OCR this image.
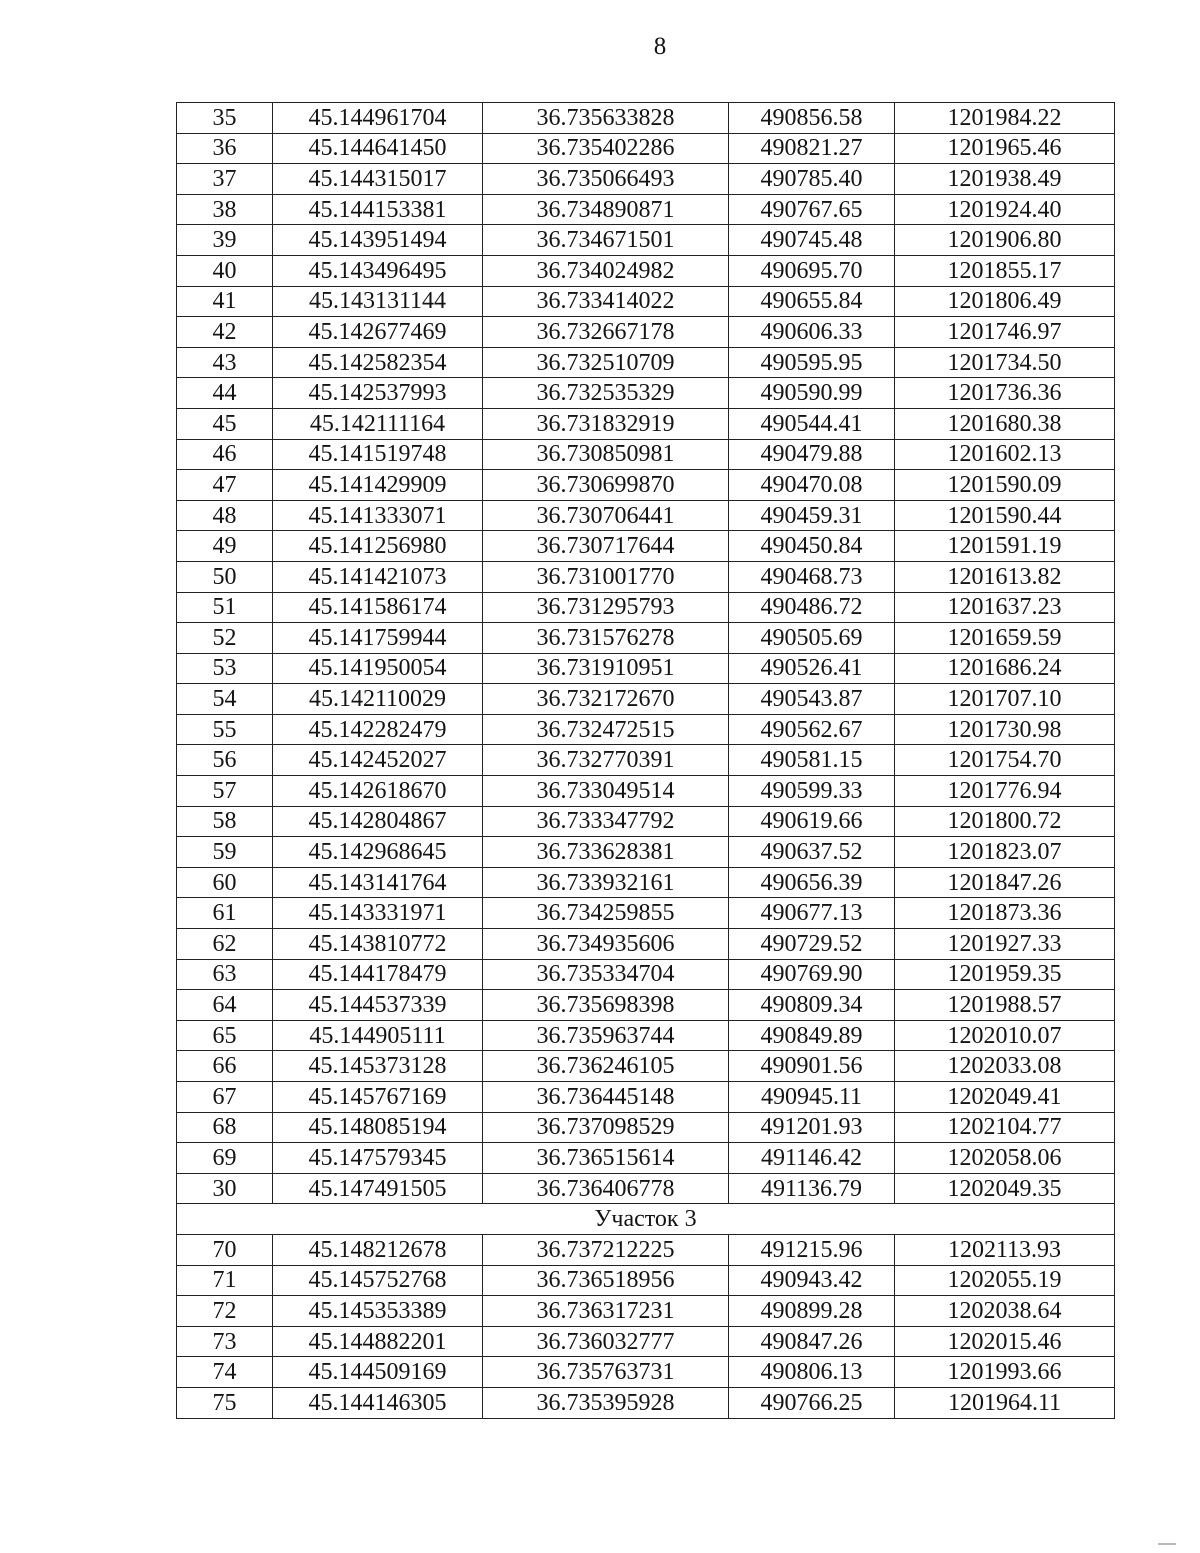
8
35	45.144961704	36.735633828	490856.58	1201984.22
36	45.144641450	36.735402286	490821.27	1201965.46
37	45.144315017	36.735066493	490785.40	1201938.49
38	45.144153381	36.734890871	490767.65	1201924.40
39	45.143951494	36.734671501	490745.48	1201906.80
40	45.143496495	36.734024982	490695.70	1201855.17
41	45.143131144	36.733414022	490655.84	1201806.49
42	45.142677469	36.732667178	490606.33	1201746.97
43	45.142582354	36.732510709	490595.95	1201734.50
44	45.142537993	36.732535329	490590.99	1201736.36
45	45.142111164	36.731832919	490544.41	1201680.38
46	45.141519748	36.730850981	490479.88	1201602.13
47	45.141429909	36.730699870	490470.08	1201590.09
48	45.141333071	36.730706441	490459.31	1201590.44
49	45.141256980	36.730717644	490450.84	1201591.19
50	45.141421073	36.731001770	490468.73	1201613.82
51	45.141586174	36.731295793	490486.72	1201637.23
52	45.141759944	36.731576278	490505.69	1201659.59
53	45.141950054	36.731910951	490526.41	1201686.24
54	45.142110029	36.732172670	490543.87	1201707.10
55	45.142282479	36.732472515	490562.67	1201730.98
56	45.142452027	36.732770391	490581.15	1201754.70
57	45.142618670	36.733049514	490599.33	1201776.94
58	45.142804867	36.733347792	490619.66	1201800.72
59	45.142968645	36.733628381	490637.52	1201823.07
60	45.143141764	36.733932161	490656.39	1201847.26
61	45.143331971	36.734259855	490677.13	1201873.36
62	45.143810772	36.734935606	490729.52	1201927.33
63	45.144178479	36.735334704	490769.90	1201959.35
64	45.144537339	36.735698398	490809.34	1201988.57
65	45.144905111	36.735963744	490849.89	1202010.07
66	45.145373128	36.736246105	490901.56	1202033.08
67	45.145767169	36.736445148	490945.11	1202049.41
68	45.148085194	36.737098529	491201.93	1202104.77
69	45.147579345	36.736515614	491146.42	1202058.06
30	45.147491505	36.736406778	491136.79	1202049.35
Участок 3				
70	45.148212678	36.737212225	491215.96	1202113.93
71	45.145752768	36.736518956	490943.42	1202055.19
72	45.145353389	36.736317231	490899.28	1202038.64
73	45.144882201	36.736032777	490847.26	1202015.46
74	45.144509169	36.735763731	490806.13	1201993.66
75	45.144146305	36.735395928	490766.25	1201964.11
